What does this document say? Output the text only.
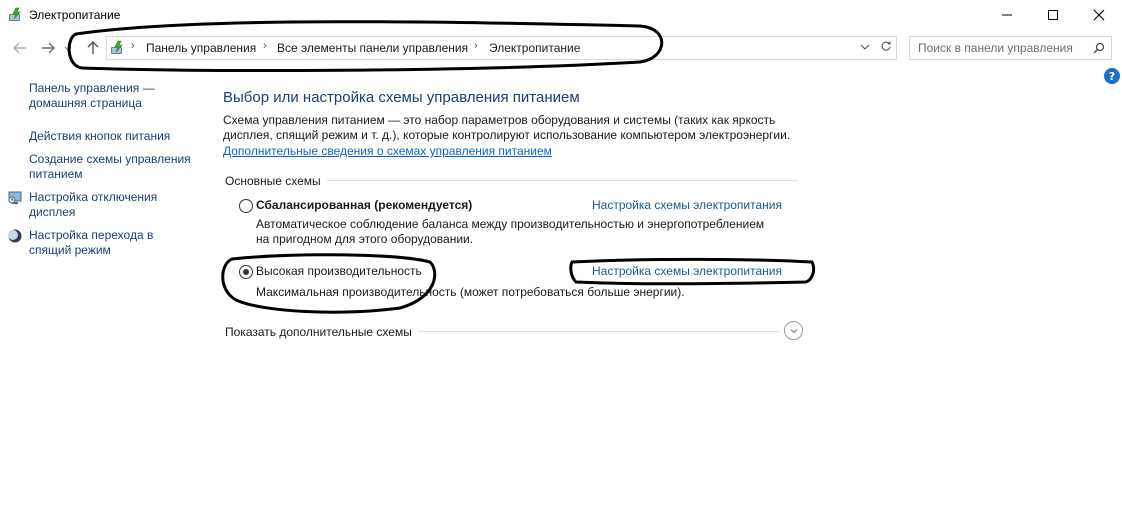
Электропитание
› Панель управления › Все элементы панели управления › Электропитание	Поиск в панели управления
?
Панель управления —
домашняя страница
Действия кнопок питания
Создание схемы управления
питанием
Настройка отключения
дисплея
Настройка перехода в
спящий режим
Выбор или настройка схемы управления питанием
Схема управления питанием — это набор параметров оборудования и системы (таких как яркость дисплея, спящий режим и т. д.), которые контролируют использование компьютером электроэнергии.
Дополнительные сведения о схемах управления питанием
Основные схемы
Сбалансированная (рекомендуется)	Настройка схемы электропитания
Автоматическое соблюдение баланса между производительностью и энергопотреблением на пригодном для этого оборудовании.
Высокая производительность	Настройка схемы электропитания
Максимальная производительность (может потребоваться больше энергии).
Показать дополнительные схемы
